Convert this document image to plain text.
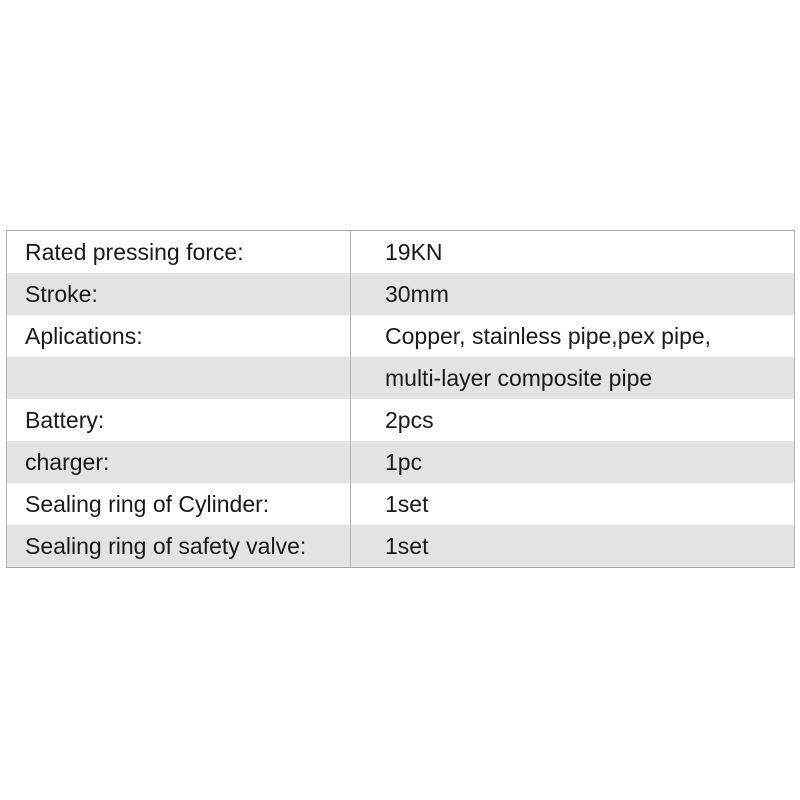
Rated pressing force:	19KN
Stroke:	30mm
Aplications:	Copper, stainless pipe,pex pipe,
	multi-layer composite pipe
Battery:	2pcs
charger:	1pc
Sealing ring of Cylinder:	1set
Sealing ring of safety valve:	1set
